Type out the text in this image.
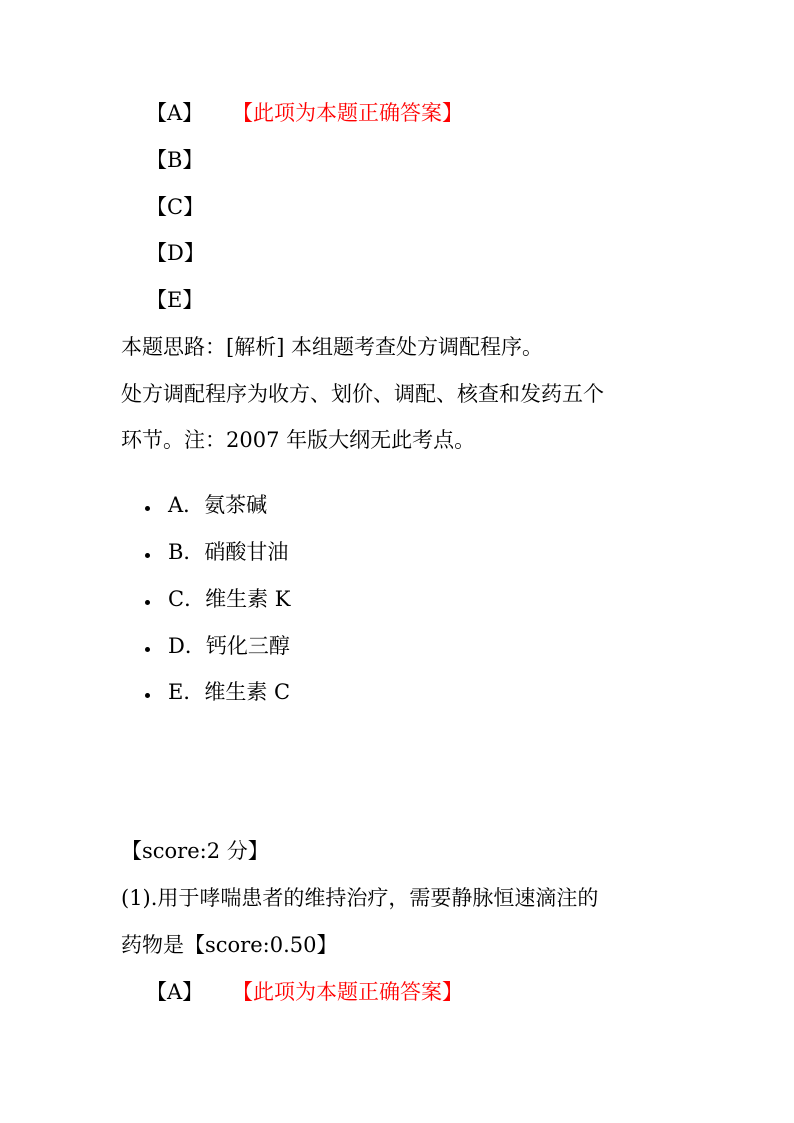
【A】 【此项为本题正确答案】
【B】
【C】
【D】
【E】
本题思路：[解析] 本组题考查处方调配程序。
处方调配程序为收方、划价、调配、核查和发药五个
环节。注：2007 年版大纲无此考点。
A．氨茶碱
B．硝酸甘油
C．维生素 K
D．钙化三醇
E．维生素 C
【score:2 分】
(1).用于哮喘患者的维持治疗，需要静脉恒速滴注的
药物是【score:0.50】
【A】 【此项为本题正确答案】
